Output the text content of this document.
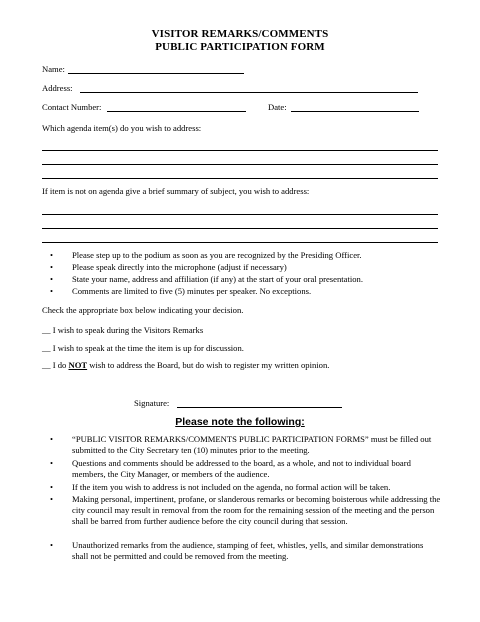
VISITOR REMARKS/COMMENTS
PUBLIC PARTICIPATION FORM
Name:
Address:
Contact Number:	Date:
Which agenda item(s) do you wish to address:
If item is not on agenda give a brief summary of subject, you wish to address:
• Please step up to the podium as soon as you are recognized by the Presiding Officer.
• Please speak directly into the microphone (adjust if necessary)
• State your name, address and affiliation (if any) at the start of your oral presentation.
• Comments are limited to five (5) minutes per speaker. No exceptions.
Check the appropriate box below indicating your decision.
__ I wish to speak during the Visitors Remarks
__ I wish to speak at the time the item is up for discussion.
__ I do NOT wish to address the Board, but do wish to register my written opinion.
Signature:
Please note the following:
• “PUBLIC VISITOR REMARKS/COMMENTS PUBLIC PARTICIPATION FORMS” must be filled out submitted to the City Secretary ten (10) minutes prior to the meeting.
• Questions and comments should be addressed to the board, as a whole, and not to individual board members, the City Manager, or members of the audience.
• If the item you wish to address is not included on the agenda, no formal action will be taken.
• Making personal, impertinent, profane, or slanderous remarks or becoming boisterous while addressing the city council may result in removal from the room for the remaining session of the meeting and the person shall be barred from further audience before the city council during that session.
• Unauthorized remarks from the audience, stamping of feet, whistles, yells, and similar demonstrations shall not be permitted and could be removed from the meeting.
